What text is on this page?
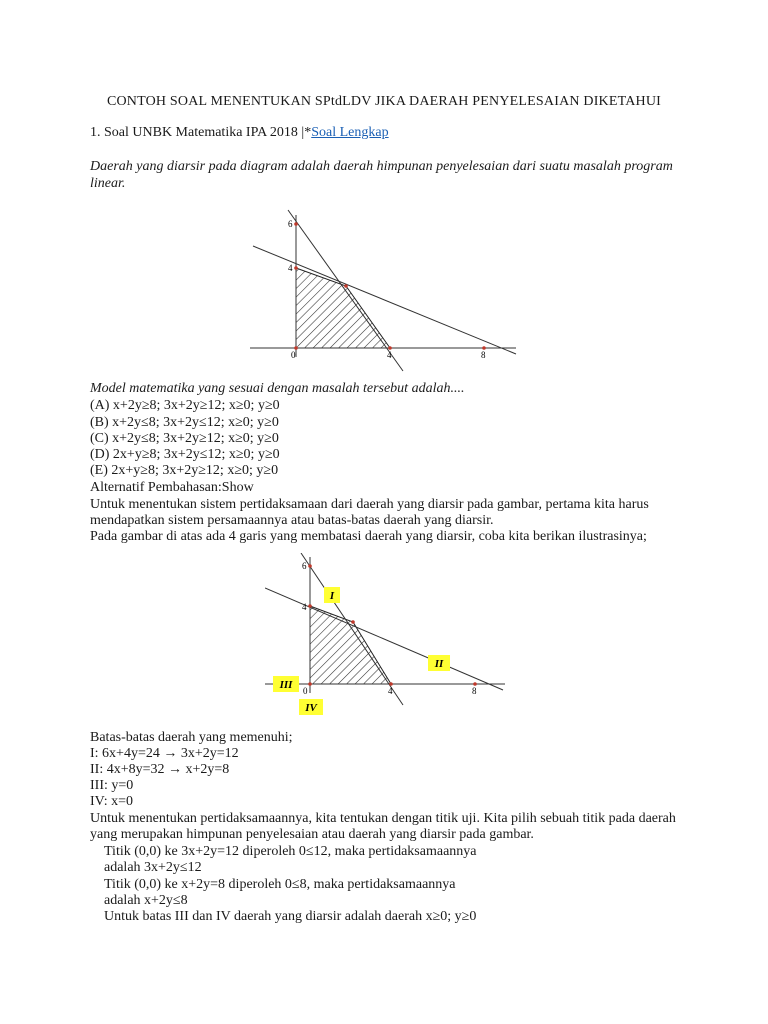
CONTOH SOAL MENENTUKAN SPtdLDV JIKA DAERAH PENYELESAIAN DIKETAHUI
1. Soal UNBK Matematika IPA 2018 |*Soal Lengkap
Daerah yang diarsir pada diagram adalah daerah himpunan penyelesaian dari suatu masalah program
linear.
6
4
0	4	8
Model matematika yang sesuai dengan masalah tersebut adalah....
(A) x+2y≥8; 3x+2y≥12; x≥0; y≥0
(B) x+2y≤8; 3x+2y≤12; x≥0; y≥0
(C) x+2y≤8; 3x+2y≥12; x≥0; y≥0
(D) 2x+y≥8; 3x+2y≤12; x≥0; y≥0
(E) 2x+y≥8; 3x+2y≥12; x≥0; y≥0
Alternatif Pembahasan:Show
Untuk menentukan sistem pertidaksamaan dari daerah yang diarsir pada gambar, pertama kita harus
mendapatkan sistem persamaannya atau batas-batas daerah yang diarsir.
Pada gambar di atas ada 4 garis yang membatasi daerah yang diarsir, coba kita berikan ilustrasinya;
6
4
0	4	8
I
II
III
IV
Batas-batas daerah yang memenuhi;
I: 6x+4y=24 → 3x+2y=12
II: 4x+8y=32 → x+2y=8
III: y=0
IV: x=0
Untuk menentukan pertidaksamaannya, kita tentukan dengan titik uji. Kita pilih sebuah titik pada daerah
yang merupakan himpunan penyelesaian atau daerah yang diarsir pada gambar.
Titik (0,0) ke 3x+2y=12 diperoleh 0≤12, maka pertidaksamaannya
adalah 3x+2y≤12
Titik (0,0) ke x+2y=8 diperoleh 0≤8, maka pertidaksamaannya
adalah x+2y≤8
Untuk batas III dan IV daerah yang diarsir adalah daerah x≥0; y≥0
